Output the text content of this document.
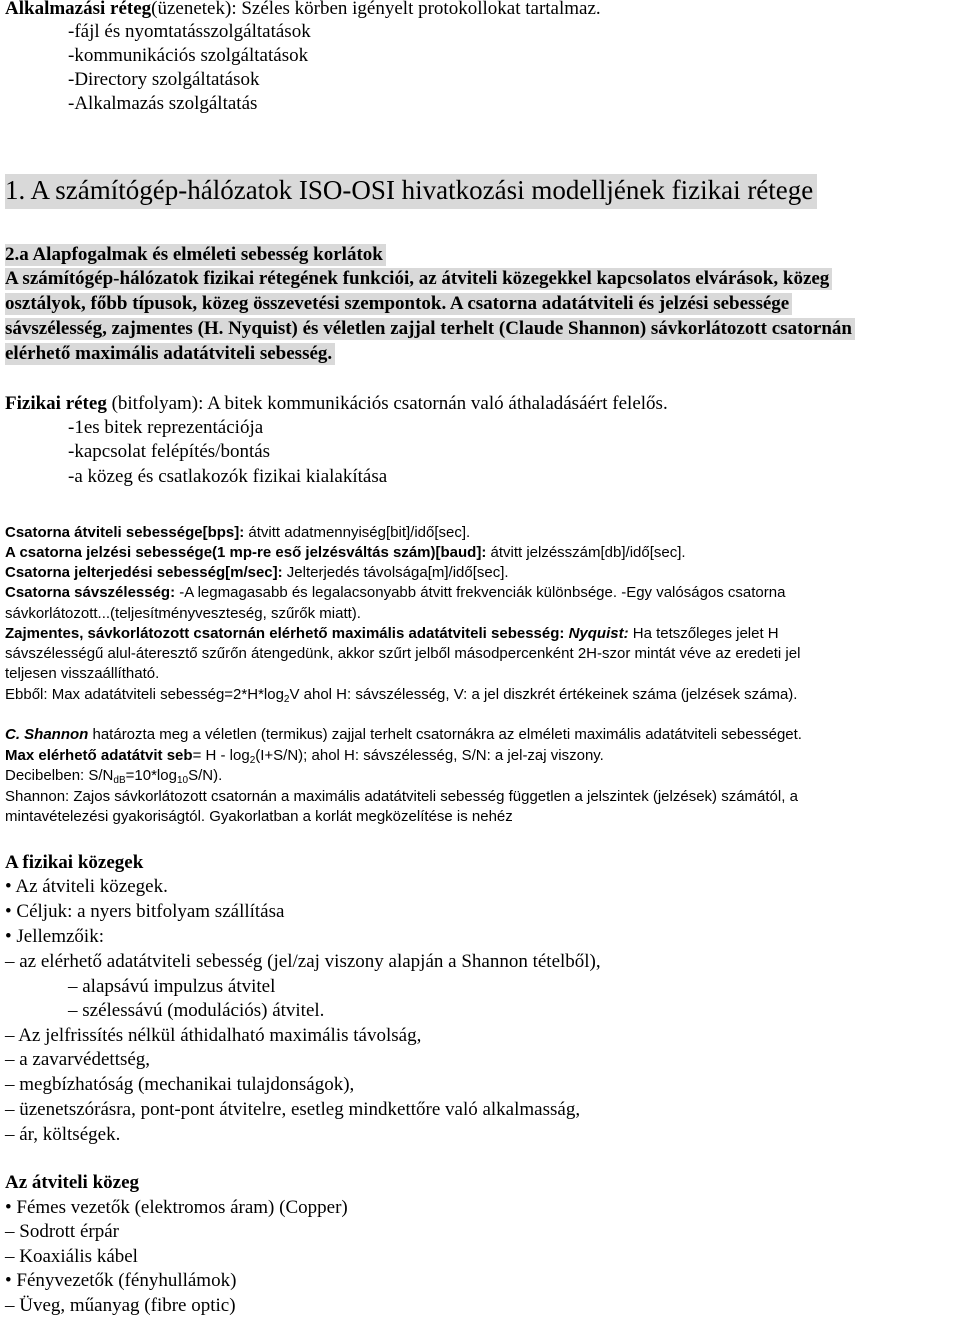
Alkalmazási réteg(üzenetek): Széles körben igényelt protokollokat tartalmaz.
-fájl és nyomtatásszolgáltatások
-kommunikációs szolgáltatások
-Directory szolgáltatások
-Alkalmazás szolgáltatás
1. A számítógép-hálózatok ISO-OSI hivatkozási modelljének fizikai rétege
2.a Alapfogalmak és elméleti sebesség korlátok
A számítógép-hálózatok fizikai rétegének funkciói, az átviteli közegekkel kapcsolatos elvárások, közeg
osztályok, főbb típusok, közeg összevetési szempontok. A csatorna adatátviteli és jelzési sebessége
sávszélesség, zajmentes (H. Nyquist) és véletlen zajjal terhelt (Claude Shannon) sávkorlátozott csatornán
elérhető maximális adatátviteli sebesség.
Fizikai réteg (bitfolyam): A bitek kommunikációs csatornán való áthaladásáért felelős.
-1es bitek reprezentációja
-kapcsolat felépítés/bontás
-a közeg és csatlakozók fizikai kialakítása
Csatorna átviteli sebessége[bps]: átvitt adatmennyiség[bit]/idő[sec].
A csatorna jelzési sebessége(1 mp-re eső jelzésváltás szám)[baud]: átvitt jelzésszám[db]/idő[sec].
Csatorna jelterjedési sebesség[m/sec]: Jelterjedés távolsága[m]/idő[sec].
Csatorna sávszélesség: -A legmagasabb és legalacsonyabb átvitt frekvenciák különbsége. -Egy valóságos csatorna
sávkorlátozott...(teljesítményveszteség, szűrők miatt).
Zajmentes, sávkorlátozott csatornán elérhető maximális adatátviteli sebesség: Nyquist: Ha tetszőleges jelet H
sávszélességű alul-áteresztő szűrőn átengedünk, akkor szűrt jelből másodpercenként 2H-szor mintát véve az eredeti jel
teljesen visszaállítható.
Ebből: Max adatátviteli $sebesség=2*H*\log_2V$ ahol H: sávszélesség, V: a jel diszkrét értékeinek száma (jelzések száma).
C. Shannon határozta meg a véletlen (termikus) zajjal terhelt csatornákra az elméleti maximális adatátviteli sebességet.
Max elérhető adatátvit $seb= H - \log_2(I+S/N)$; ahol H: sávszélesség, S/N: a jel-zaj viszony.
Decibelben: $S/N_{dB}=10*\log_{10}S/N$).
Shannon: Zajos sávkorlátozott csatornán a maximális adatátviteli sebesség független a jelszintek (jelzések) számától, a
mintavételezési gyakoriságtól. Gyakorlatban a korlát megközelítése is nehéz
A fizikai közegek
• Az átviteli közegek.
• Céljuk: a nyers bitfolyam szállítása
• Jellemzőik:
– az elérhető adatátviteli sebesség (jel/zaj viszony alapján a Shannon tételből),
– alapsávú impulzus átvitel
– szélessávú (modulációs) átvitel.
– Az jelfrissítés nélkül áthidalható maximális távolság,
– a zavarvédettség,
– megbízhatóság (mechanikai tulajdonságok),
– üzenetszórásra, pont-pont átvitelre, esetleg mindkettőre való alkalmasság,
– ár, költségek.
Az átviteli közeg
• Fémes vezetők (elektromos áram) (Copper)
– Sodrott érpár
– Koaxiális kábel
• Fényvezetők (fényhullámok)
– Üveg, műanyag (fibre optic)
